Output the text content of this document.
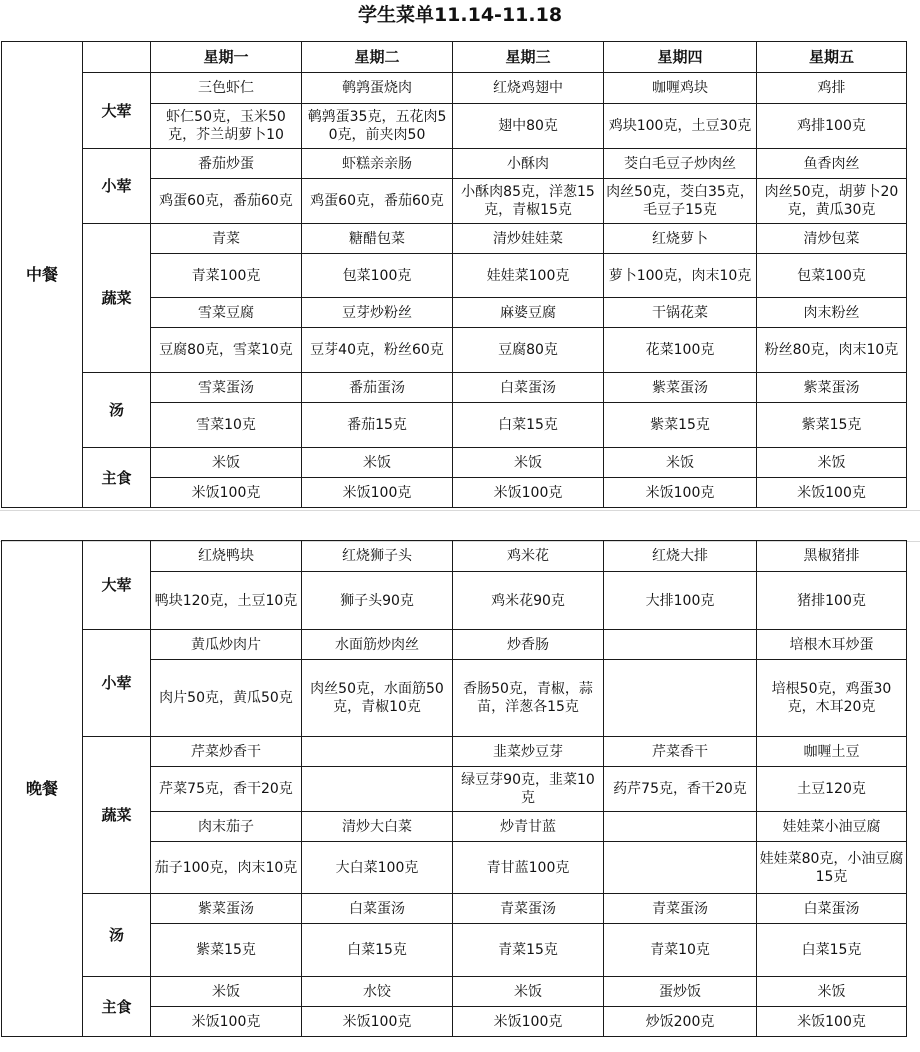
学生菜单11.14-11.18
中餐		星期一	星期二	星期三	星期四	星期五
	大荤	三色虾仁	鹌鹑蛋烧肉	红烧鸡翅中	咖喱鸡块	鸡排
		虾仁50克，玉米50克，芥兰胡萝卜10	鹌鹑蛋35克，五花肉50克，前夹肉50	翅中80克	鸡块100克，土豆30克	鸡排100克
	小荤	番茄炒蛋	虾糕亲亲肠	小酥肉	茭白毛豆子炒肉丝	鱼香肉丝
		鸡蛋60克，番茄60克	鸡蛋60克，番茄60克	小酥肉85克，洋葱15克，青椒15克	肉丝50克，茭白35克，毛豆子15克	肉丝50克，胡萝卜20克，黄瓜30克
	蔬菜	青菜	糖醋包菜	清炒娃娃菜	红烧萝卜	清炒包菜
		青菜100克	包菜100克	娃娃菜100克	萝卜100克，肉末10克	包菜100克
		雪菜豆腐	豆芽炒粉丝	麻婆豆腐	干锅花菜	肉末粉丝
		豆腐80克，雪菜10克	豆芽40克，粉丝60克	豆腐80克	花菜100克	粉丝80克，肉末10克
	汤	雪菜蛋汤	番茄蛋汤	白菜蛋汤	紫菜蛋汤	紫菜蛋汤
		雪菜10克	番茄15克	白菜15克	紫菜15克	紫菜15克
	主食	米饭	米饭	米饭	米饭	米饭
		米饭100克	米饭100克	米饭100克	米饭100克	米饭100克
晚餐	大荤	红烧鸭块	红烧狮子头	鸡米花	红烧大排	黑椒猪排
		鸭块120克，土豆10克	狮子头90克	鸡米花90克	大排100克	猪排100克
	小荤	黄瓜炒肉片	水面筋炒肉丝	炒香肠		培根木耳炒蛋
		肉片50克，黄瓜50克	肉丝50克，水面筋50克，青椒10克	香肠50克，青椒，蒜苗，洋葱各15克		培根50克，鸡蛋30克，木耳20克
	蔬菜	芹菜炒香干		韭菜炒豆芽	芹菜香干	咖喱土豆
		芹菜75克，香干20克		绿豆芽90克，韭菜10克	药芹75克，香干20克	土豆120克
		肉末茄子	清炒大白菜	炒青甘蓝		娃娃菜小油豆腐
		茄子100克，肉末10克	大白菜100克	青甘蓝100克		娃娃菜80克，小油豆腐15克
	汤	紫菜蛋汤	白菜蛋汤	青菜蛋汤	青菜蛋汤	白菜蛋汤
		紫菜15克	白菜15克	青菜15克	青菜10克	白菜15克
	主食	米饭	水饺	米饭	蛋炒饭	米饭
		米饭100克	米饭100克	米饭100克	炒饭200克	米饭100克
